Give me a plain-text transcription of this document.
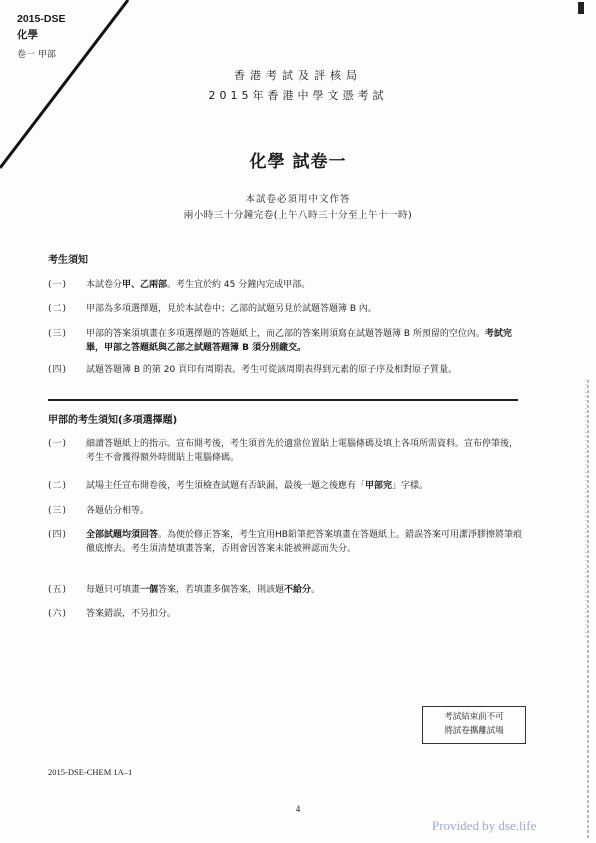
2015-DSE
化學
卷一 甲部
香港考試及評核局
2015年香港中學文憑考試
化學 試卷一
本試卷必須用中文作答
兩小時三十分鐘完卷(上午八時三十分至上午十一時)
考生須知
(一)	本試卷分甲、乙兩部。考生宜於約 45 分鐘內完成甲部。
(二)	甲部為多項選擇題，見於本試卷中；乙部的試題另見於試題答題簿 B 內。
(三)	甲部的答案須填畫在多項選擇題的答題紙上，而乙部的答案則須寫在試題答題簿 B 所預留的空位內。考試完畢，甲部之答題紙與乙部之試題答題簿 B 須分別繳交。
(四)	試題答題簿 B 的第 20 頁印有周期表。考生可從該周期表得到元素的原子序及相對原子質量。
甲部的考生須知(多項選擇題)
(一)	細讀答題紙上的指示。宣布開考後，考生須首先於適當位置貼上電腦條碼及填上各項所需資料。宣布停筆後，考生不會獲得額外時間貼上電腦條碼。
(二)	試場主任宣布開卷後，考生須檢查試題有否缺漏，最後一題之後應有「甲部完」字樣。
(三)	各題佔分相等。
(四)	全部試題均須回答。為便於修正答案，考生宜用HB鉛筆把答案填畫在答題紙上。錯誤答案可用潔淨膠擦將筆痕徹底擦去。考生須清楚填畫答案，否則會因答案未能被辨認而失分。
(五)	每題只可填畫一個答案，若填畫多個答案，則該題不給分。
(六)	答案錯誤，不另扣分。
考試結束前不可
將試卷攜離試場
2015-DSE-CHEM 1A–1
4
Provided by dse.life
